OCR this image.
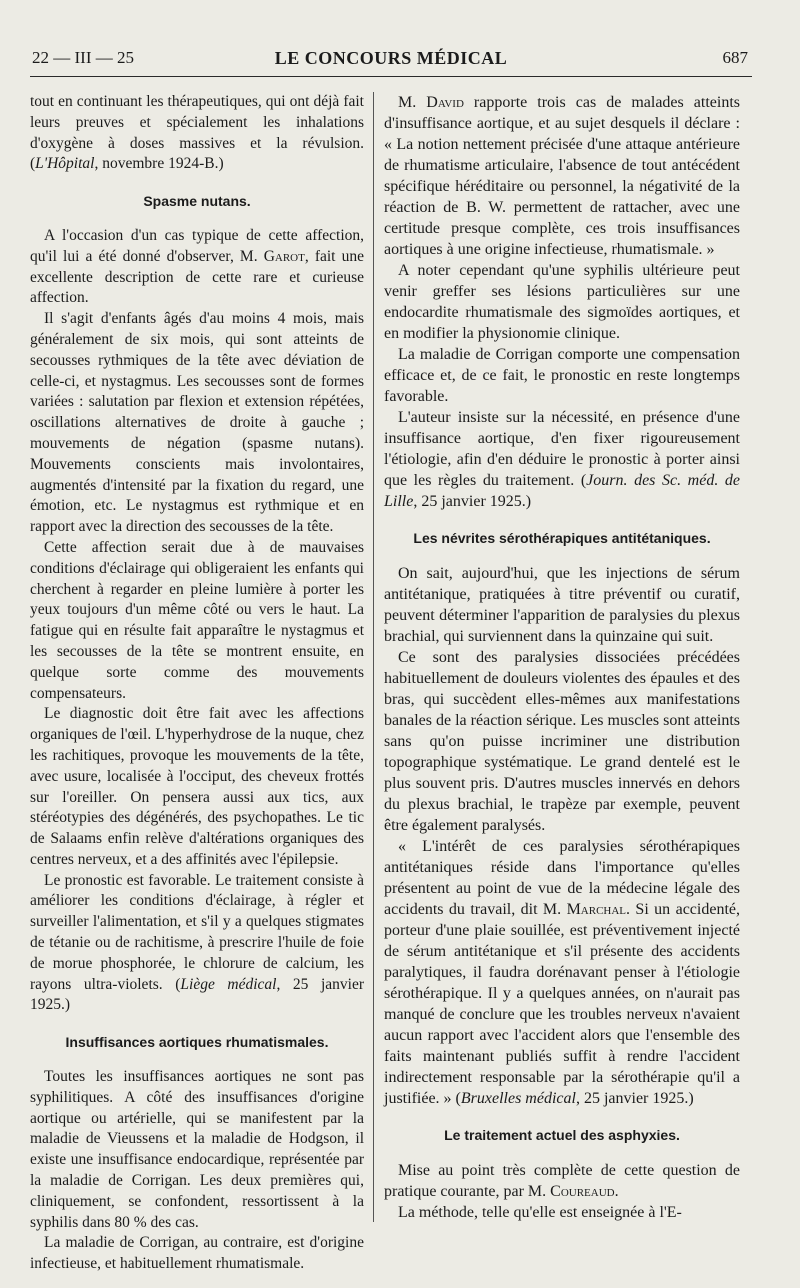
22 — III — 25	LE CONCOURS MÉDICAL	687

tout en continuant les thérapeutiques, qui ont déjà fait leurs preuves et spécialement les inhalations d'oxygène à doses massives et la révulsion. (L'Hôpital, novembre 1924-B.)

Spasme nutans.

A l'occasion d'un cas typique de cette affection, qu'il lui a été donné d'observer, M. Garot, fait une excellente description de cette rare et curieuse affection.

Il s'agit d'enfants âgés d'au moins 4 mois, mais généralement de six mois, qui sont atteints de secousses rythmiques de la tête avec déviation de celle-ci, et nystagmus. Les secousses sont de formes variées : salutation par flexion et extension répétées, oscillations alternatives de droite à gauche ; mouvements de négation (spasme nutans). Mouvements conscients mais involontaires, augmentés d'intensité par la fixation du regard, une émotion, etc. Le nystagmus est rythmique et en rapport avec la direction des secousses de la tête.

Cette affection serait due à de mauvaises conditions d'éclairage qui obligeraient les enfants qui cherchent à regarder en pleine lumière à porter les yeux toujours d'un même côté ou vers le haut. La fatigue qui en résulte fait apparaître le nystagmus et les secousses de la tête se montrent ensuite, en quelque sorte comme des mouvements compensateurs.

Le diagnostic doit être fait avec les affections organiques de l'œil. L'hyperhydrose de la nuque, chez les rachitiques, provoque les mouvements de la tête, avec usure, localisée à l'occiput, des cheveux frottés sur l'oreiller. On pensera aussi aux tics, aux stéréotypies des dégénérés, des psychopathes. Le tic de Salaams enfin relève d'altérations organiques des centres nerveux, et a des affinités avec l'épilepsie.

Le pronostic est favorable. Le traitement consiste à améliorer les conditions d'éclairage, à régler et surveiller l'alimentation, et s'il y a quelques stigmates de tétanie ou de rachitisme, à prescrire l'huile de foie de morue phosphorée, le chlorure de calcium, les rayons ultra-violets. (Liège médical, 25 janvier 1925.)

Insuffisances aortiques rhumatismales.

Toutes les insuffisances aortiques ne sont pas syphilitiques. A côté des insuffisances d'origine aortique ou artérielle, qui se manifestent par la maladie de Vieussens et la maladie de Hodgson, il existe une insuffisance endocardique, représentée par la maladie de Corrigan. Les deux premières qui, cliniquement, se confondent, ressortissent à la syphilis dans 80 % des cas.

La maladie de Corrigan, au contraire, est d'origine infectieuse, et habituellement rhumatismale.

M. David rapporte trois cas de malades atteints d'insuffisance aortique, et au sujet desquels il déclare : « La notion nettement précisée d'une attaque antérieure de rhumatisme articulaire, l'absence de tout antécédent spécifique héréditaire ou personnel, la négativité de la réaction de B. W. permettent de rattacher, avec une certitude presque complète, ces trois insuffisances aortiques à une origine infectieuse, rhumatismale. »

A noter cependant qu'une syphilis ultérieure peut venir greffer ses lésions particulières sur une endocardite rhumatismale des sigmoïdes aortiques, et en modifier la physionomie clinique.

La maladie de Corrigan comporte une compensation efficace et, de ce fait, le pronostic en reste longtemps favorable.

L'auteur insiste sur la nécessité, en présence d'une insuffisance aortique, d'en fixer rigoureusement l'étiologie, afin d'en déduire le pronostic à porter ainsi que les règles du traitement. (Journ. des Sc. méd. de Lille, 25 janvier 1925.)

Les névrites sérothérapiques antitétaniques.

On sait, aujourd'hui, que les injections de sérum antitétanique, pratiquées à titre préventif ou curatif, peuvent déterminer l'apparition de paralysies du plexus brachial, qui surviennent dans la quinzaine qui suit.

Ce sont des paralysies dissociées précédées habituellement de douleurs violentes des épaules et des bras, qui succèdent elles-mêmes aux manifestations banales de la réaction sérique. Les muscles sont atteints sans qu'on puisse incriminer une distribution topographique systématique. Le grand dentelé est le plus souvent pris. D'autres muscles innervés en dehors du plexus brachial, le trapèze par exemple, peuvent être également paralysés.

« L'intérêt de ces paralysies sérothérapiques antitétaniques réside dans l'importance qu'elles présentent au point de vue de la médecine légale des accidents du travail, dit M. Marchal. Si un accidenté, porteur d'une plaie souillée, est préventivement injecté de sérum antitétanique et s'il présente des accidents paralytiques, il faudra dorénavant penser à l'étiologie sérothérapique. Il y a quelques années, on n'aurait pas manqué de conclure que les troubles nerveux n'avaient aucun rapport avec l'accident alors que l'ensemble des faits maintenant publiés suffit à rendre l'accident indirectement responsable par la sérothérapie qu'il a justifiée. » (Bruxelles médical, 25 janvier 1925.)

Le traitement actuel des asphyxies.

Mise au point très complète de cette question de pratique courante, par M. Coureaud.

La méthode, telle qu'elle est enseignée à l'E-
